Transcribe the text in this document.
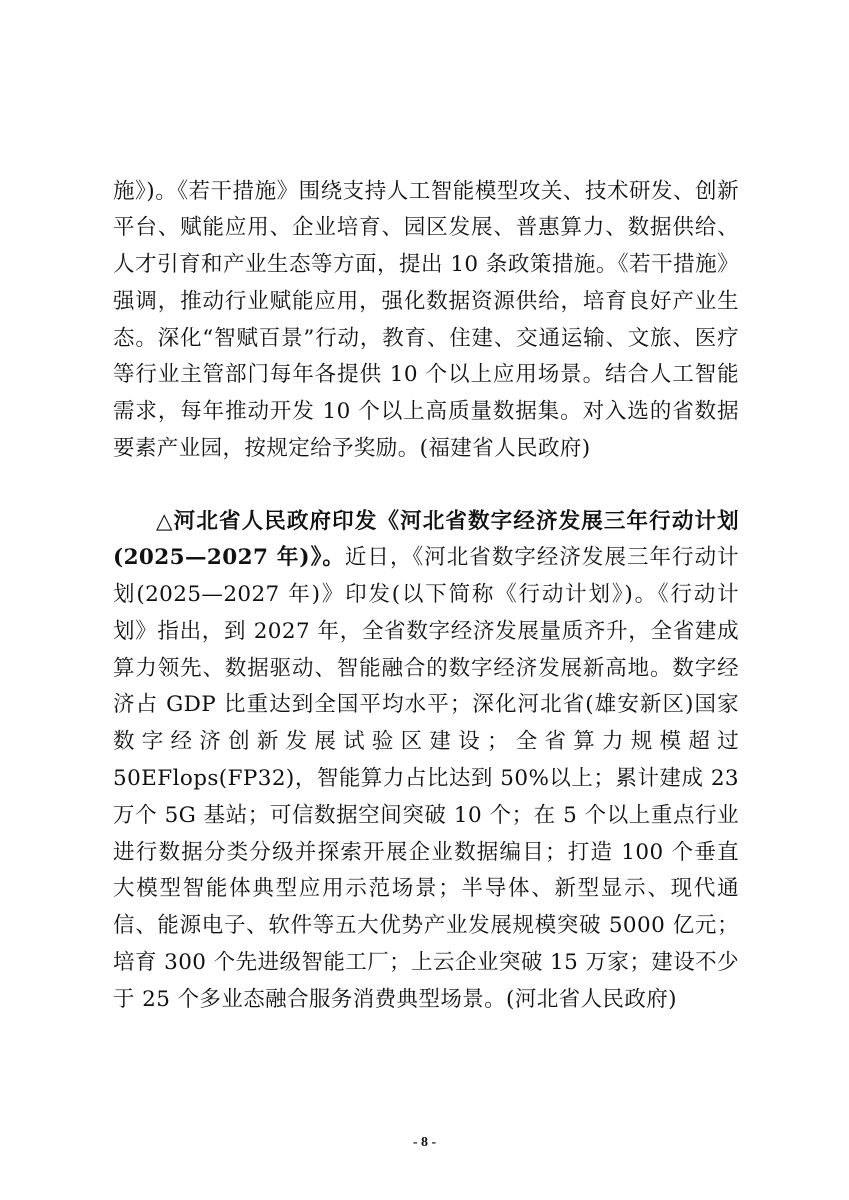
施》)。《若干措施》围绕支持人工智能模型攻关、技术研发、创新平台、赋能应用、企业培育、园区发展、普惠算力、数据供给、人才引育和产业生态等方面，提出 10 条政策措施。《若干措施》强调，推动行业赋能应用，强化数据资源供给，培育良好产业生态。深化“智赋百景”行动，教育、住建、交通运输、文旅、医疗等行业主管部门每年各提供 10 个以上应用场景。结合人工智能需求，每年推动开发 10 个以上高质量数据集。对入选的省数据要素产业园，按规定给予奖励。(福建省人民政府)

△河北省人民政府印发《河北省数字经济发展三年行动计划(2025—2027 年)》。近日，《河北省数字经济发展三年行动计划(2025—2027 年)》印发(以下简称《行动计划》)。《行动计划》指出，到 2027 年，全省数字经济发展量质齐升，全省建成算力领先、数据驱动、智能融合的数字经济发展新高地。数字经济占 GDP 比重达到全国平均水平；深化河北省(雄安新区)国家数字经济创新发展试验区建设；全省算力规模超过 50EFlops(FP32)，智能算力占比达到 50%以上；累计建成 23 万个 5G 基站；可信数据空间突破 10 个；在 5 个以上重点行业进行数据分类分级并探索开展企业数据编目；打造 100 个垂直大模型智能体典型应用示范场景；半导体、新型显示、现代通信、能源电子、软件等五大优势产业发展规模突破 5000 亿元；培育 300 个先进级智能工厂；上云企业突破 15 万家；建设不少于 25 个多业态融合服务消费典型场景。(河北省人民政府)

- 8 -
